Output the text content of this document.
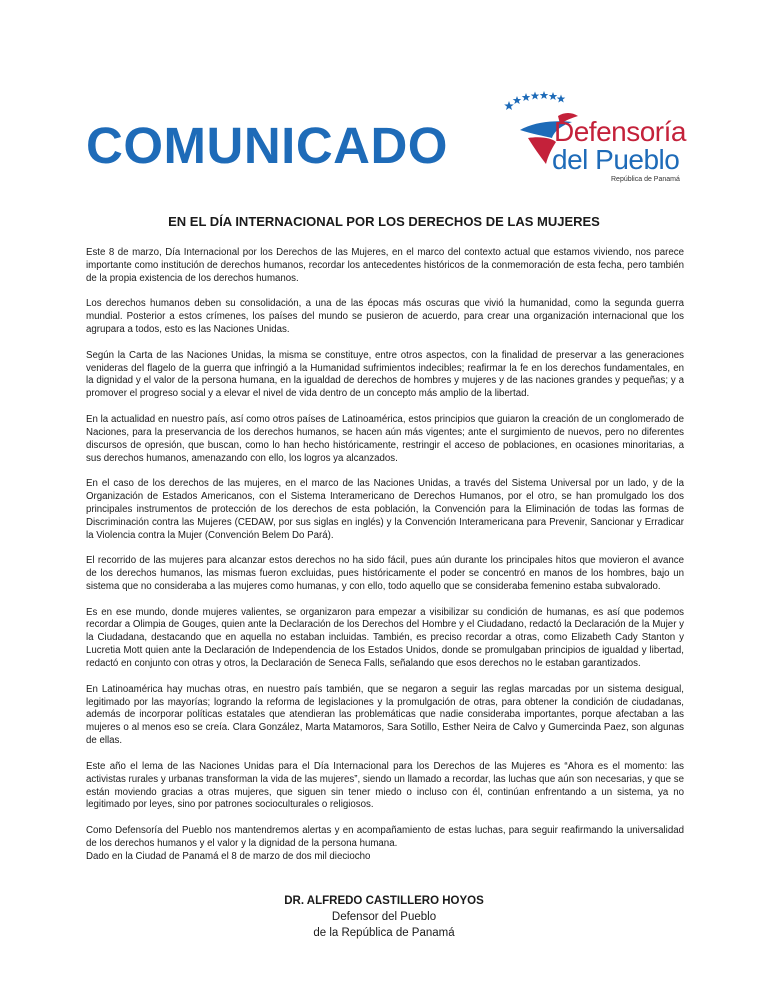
COMUNICADO	Defensoría
del Pueblo
República de Panamá
EN EL DÍA INTERNACIONAL POR LOS DERECHOS DE LAS MUJERES

Este 8 de marzo, Día Internacional por los Derechos de las Mujeres, en el marco del contexto actual que estamos viviendo, nos parece importante como institución de derechos humanos, recordar los antecedentes históricos de la conmemoración de esta fecha, pero también de la propia existencia de los derechos humanos.

Los derechos humanos deben su consolidación, a una de las épocas más oscuras que vivió la humanidad, como la segunda guerra mundial. Posterior a estos crímenes, los países del mundo se pusieron de acuerdo, para crear una organización internacional que los agrupara a todos, esto es las Naciones Unidas.

Según la Carta de las Naciones Unidas, la misma se constituye, entre otros aspectos, con la finalidad de preservar a las generaciones venideras del flagelo de la guerra que infringió a la Humanidad sufrimientos indecibles; reafirmar la fe en los derechos fundamentales, en la dignidad y el valor de la persona humana, en la igualdad de derechos de hombres y mujeres y de las naciones grandes y pequeñas; y a promover el progreso social y a elevar el nivel de vida dentro de un concepto más amplio de la libertad.

En la actualidad en nuestro país, así como otros países de Latinoamérica, estos principios que guiaron la creación de un conglomerado de Naciones, para la preservancia de los derechos humanos, se hacen aún más vigentes; ante el surgimiento de nuevos, pero no diferentes discursos de opresión, que buscan, como lo han hecho históricamente, restringir el acceso de poblaciones, en ocasiones minoritarias, a sus derechos humanos, amenazando con ello, los logros ya alcanzados.

En el caso de los derechos de las mujeres, en el marco de las Naciones Unidas, a través del Sistema Universal por un lado, y de la Organización de Estados Americanos, con el Sistema Interamericano de Derechos Humanos, por el otro, se han promulgado los dos principales instrumentos de protección de los derechos de esta población, la Convención para la Eliminación de todas las formas de Discriminación contra las Mujeres (CEDAW, por sus siglas en inglés) y la Convención Interamericana para Prevenir, Sancionar y Erradicar la Violencia contra la Mujer (Convención Belem Do Pará).

El recorrido de las mujeres para alcanzar estos derechos no ha sido fácil, pues aún durante los principales hitos que movieron el avance de los derechos humanos, las mismas fueron excluidas, pues históricamente el poder se concentró en manos de los hombres, bajo un sistema que no consideraba a las mujeres como humanas, y con ello, todo aquello que se consideraba femenino estaba subvalorado.

Es en ese mundo, donde mujeres valientes, se organizaron para empezar a visibilizar su condición de humanas, es así que podemos recordar a Olimpia de Gouges, quien ante la Declaración de los Derechos del Hombre y el Ciudadano, redactó la Declaración de la Mujer y la Ciudadana, destacando que en aquella no estaban incluidas. También, es preciso recordar a otras, como Elizabeth Cady Stanton y Lucretia Mott quien ante la Declaración de Independencia de los Estados Unidos, donde se promulgaban principios de igualdad y libertad, redactó en conjunto con otras y otros, la Declaración de Seneca Falls, señalando que esos derechos no le estaban garantizados.

En Latinoamérica hay muchas otras, en nuestro país también, que se negaron a seguir las reglas marcadas por un sistema desigual, legitimado por las mayorías; logrando la reforma de legislaciones y la promulgación de otras, para obtener la condición de ciudadanas, además de incorporar políticas estatales que atendieran las problemáticas que nadie consideraba importantes, porque afectaban a las mujeres o al menos eso se creía. Clara González, Marta Matamoros, Sara Sotillo, Esther Neira de Calvo y Gumercinda Paez, son algunas de ellas.

Este año el lema de las Naciones Unidas para el Día Internacional para los Derechos de las Mujeres es “Ahora es el momento: las activistas rurales y urbanas transforman la vida de las mujeres”, siendo un llamado a recordar, las luchas que aún son necesarias, y que se están moviendo gracias a otras mujeres, que siguen sin tener miedo o incluso con él, continúan enfrentando a un sistema, ya no legitimado por leyes, sino por patrones socioculturales o religiosos.

Como Defensoría del Pueblo nos mantendremos alertas y en acompañamiento de estas luchas, para seguir reafirmando la universalidad de los derechos humanos y el valor y la dignidad de la persona humana.

Dado en la Ciudad de Panamá el 8 de marzo de dos mil dieciocho

DR. ALFREDO CASTILLERO HOYOS
Defensor del Pueblo
de la República de Panamá
